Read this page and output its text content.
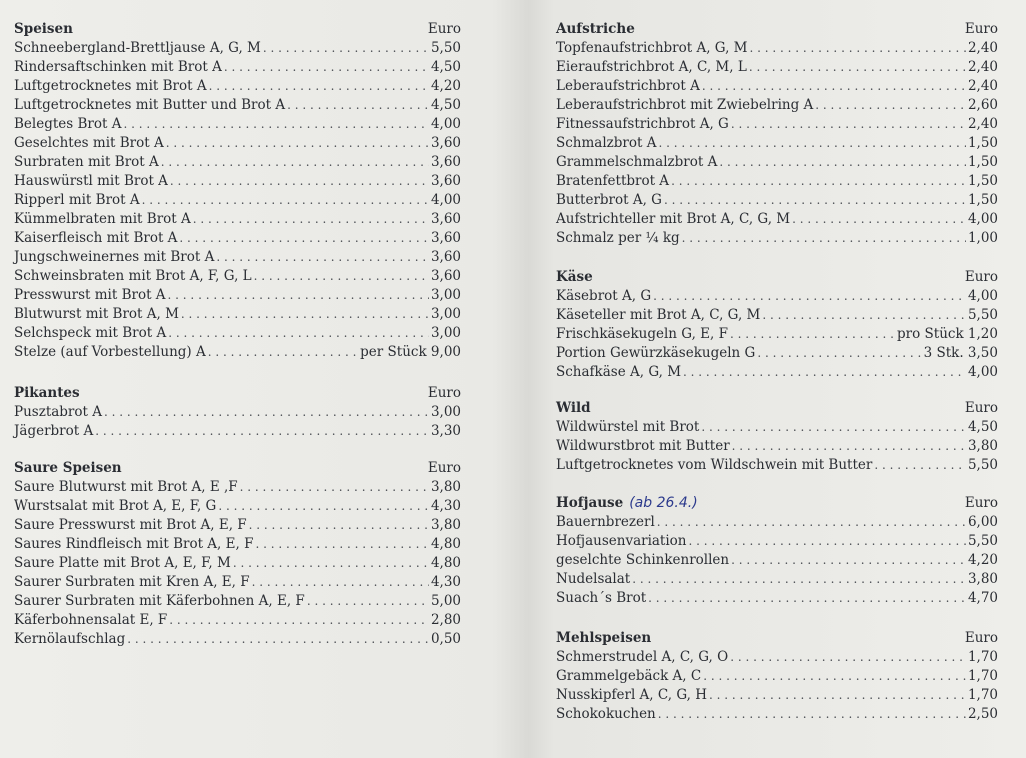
Speisen	Euro
Schneebergland-Brettljause A, G, M . . .	5,50
Rindersaftschinken mit Brot A . . .	4,50
Luftgetrocknetes mit Brot A . . .	4,20
Luftgetrocknetes mit Butter und Brot A . . .	4,50
Belegtes Brot A . . .	4,00
Geselchtes mit Brot A . . .	3,60
Surbraten mit Brot A . . .	3,60
Hauswürstl mit Brot A . . .	3,60
Ripperl mit Brot A . . .	4,00
Kümmelbraten mit Brot A . . .	3,60
Kaiserfleisch mit Brot A . . .	3,60
Jungschweinernes mit Brot A . . .	3,60
Schweinsbraten mit Brot A, F, G, L . . .	3,60
Presswurst mit Brot A . . .	3,00
Blutwurst mit Brot A, M . . .	3,00
Selchspeck mit Brot A . . .	3,00
Stelze (auf Vorbestellung) A . . .	per Stück 9,00
Pikantes	Euro
Pusztabrot A . . .	3,00
Jägerbrot A . . .	3,30
Saure Speisen	Euro
Saure Blutwurst mit Brot A, E ,F . . .	3,80
Wurstsalat mit Brot A, E, F, G . . .	4,30
Saure Presswurst mit Brot A, E, F . . .	3,80
Saures Rindfleisch mit Brot A, E, F . . .	4,80
Saure Platte mit Brot A, E, F, M . . .	4,80
Saurer Surbraten mit Kren A, E, F . . .	4,30
Saurer Surbraten mit Käferbohnen A, E, F . . .	5,00
Käferbohnensalat E, F . . .	2,80
Kernölaufschlag . . .	0,50
Aufstriche	Euro
Topfenaufstrichbrot A, G, M . . .	2,40
Eieraufstrichbrot A, C, M, L . . .	2,40
Leberaufstrichbrot A . . .	2,40
Leberaufstrichbrot mit Zwiebelring A . . .	2,60
Fitnessaufstrichbrot A, G . . .	2,40
Schmalzbrot A . . .	1,50
Grammelschmalzbrot A . . .	1,50
Bratenfettbrot A . . .	1,50
Butterbrot A, G . . .	1,50
Aufstrichteller mit Brot A, C, G, M . . .	4,00
Schmalz per ¼ kg . . .	1,00
Käse	Euro
Käsebrot A, G . . .	4,00
Käseteller mit Brot A, C, G, M . . .	5,50
Frischkäsekugeln G, E, F . . .	pro Stück 1,20
Portion Gewürzkäsekugeln G . . .	3 Stk. 3,50
Schafkäse A, G, M . . .	4,00
Wild	Euro
Wildwürstel mit Brot . . .	4,50
Wildwurstbrot mit Butter . . .	3,80
Luftgetrocknetes vom Wildschwein mit Butter . . .	5,50
Hofjause (ab 26.4.)	Euro
Bauernbrezerl . . .	6,00
Hofjausenvariation . . .	5,50
geselchte Schinkenrollen . . .	4,20
Nudelsalat . . .	3,80
Suach´s Brot . . .	4,70
Mehlspeisen	Euro
Schmerstrudel A, C, G, O . . .	1,70
Grammelgebäck A, C . . .	1,70
Nusskipferl A, C, G, H . . .	1,70
Schokokuchen . . .	2,50
